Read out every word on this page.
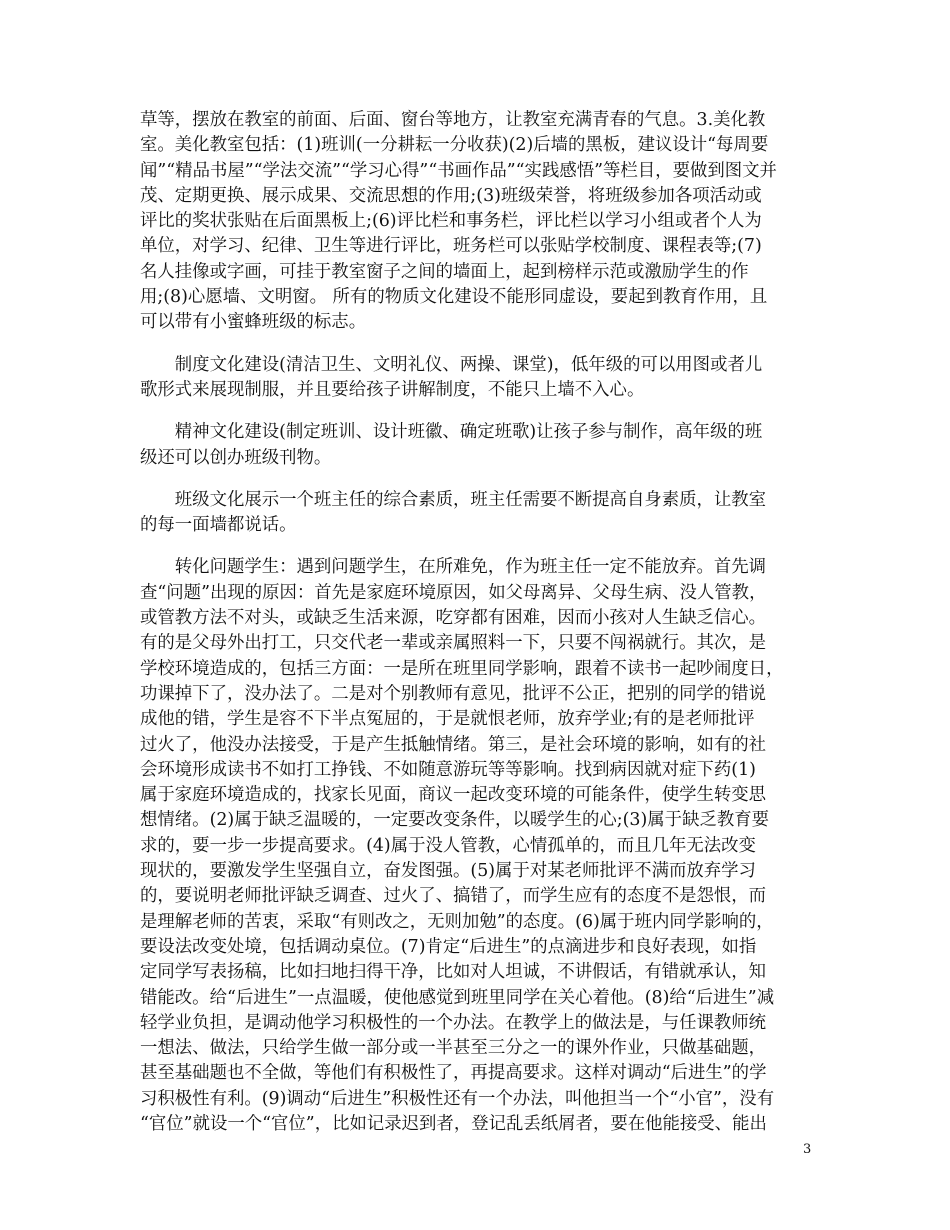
草等，摆放在教室的前面、后面、窗台等地方，让教室充满青春的气息。3.美化教
室。美化教室包括：(1)班训(一分耕耘一分收获)(2)后墙的黑板，建议设计“每周要
闻”“精品书屋”“学法交流”“学习心得”“书画作品”“实践感悟”等栏目，要做到图文并
茂、定期更换、展示成果、交流思想的作用;(3)班级荣誉，将班级参加各项活动或
评比的奖状张贴在后面黑板上;(6)评比栏和事务栏，评比栏以学习小组或者个人为
单位，对学习、纪律、卫生等进行评比，班务栏可以张贴学校制度、课程表等;(7)
名人挂像或字画，可挂于教室窗子之间的墙面上，起到榜样示范或激励学生的作
用;(8)心愿墙、文明窗。 所有的物质文化建设不能形同虚设，要起到教育作用，且
可以带有小蜜蜂班级的标志。
　　制度文化建设(清洁卫生、文明礼仪、两操、课堂)，低年级的可以用图或者儿
歌形式来展现制服，并且要给孩子讲解制度，不能只上墙不入心。
　　精神文化建设(制定班训、设计班徽、确定班歌)让孩子参与制作，高年级的班
级还可以创办班级刊物。
　　班级文化展示一个班主任的综合素质，班主任需要不断提高自身素质，让教室
的每一面墙都说话。
　　转化问题学生：遇到问题学生，在所难免，作为班主任一定不能放弃。首先调
查“问题”出现的原因：首先是家庭环境原因，如父母离异、父母生病、没人管教，
或管教方法不对头，或缺乏生活来源，吃穿都有困难，因而小孩对人生缺乏信心。
有的是父母外出打工，只交代老一辈或亲属照料一下，只要不闯祸就行。其次，是
学校环境造成的，包括三方面：一是所在班里同学影响，跟着不读书一起吵闹度日，
功课掉下了，没办法了。二是对个别教师有意见，批评不公正，把别的同学的错说
成他的错，学生是容不下半点冤屈的，于是就恨老师，放弃学业;有的是老师批评
过火了，他没办法接受，于是产生抵触情绪。第三，是社会环境的影响，如有的社
会环境形成读书不如打工挣钱、不如随意游玩等等影响。找到病因就对症下药(1)
属于家庭环境造成的，找家长见面，商议一起改变环境的可能条件，使学生转变思
想情绪。(2)属于缺乏温暖的，一定要改变条件，以暖学生的心;(3)属于缺乏教育要
求的，要一步一步提高要求。(4)属于没人管教，心情孤单的，而且几年无法改变
现状的，要激发学生坚强自立，奋发图强。(5)属于对某老师批评不满而放弃学习
的，要说明老师批评缺乏调查、过火了、搞错了，而学生应有的态度不是怨恨，而
是理解老师的苦衷，采取“有则改之，无则加勉”的态度。(6)属于班内同学影响的，
要设法改变处境，包括调动桌位。(7)肯定“后进生”的点滴进步和良好表现，如指
定同学写表扬稿，比如扫地扫得干净，比如对人坦诚，不讲假话，有错就承认，知
错能改。给“后进生”一点温暖，使他感觉到班里同学在关心着他。(8)给“后进生”减
轻学业负担，是调动他学习积极性的一个办法。在教学上的做法是，与任课教师统
一想法、做法，只给学生做一部分或一半甚至三分之一的课外作业，只做基础题，
甚至基础题也不全做，等他们有积极性了，再提高要求。这样对调动“后进生”的学
习积极性有利。(9)调动“后进生”积极性还有一个办法，叫他担当一个“小官”，没有
“官位”就设一个“官位”，比如记录迟到者，登记乱丢纸屑者，要在他能接受、能出
3
